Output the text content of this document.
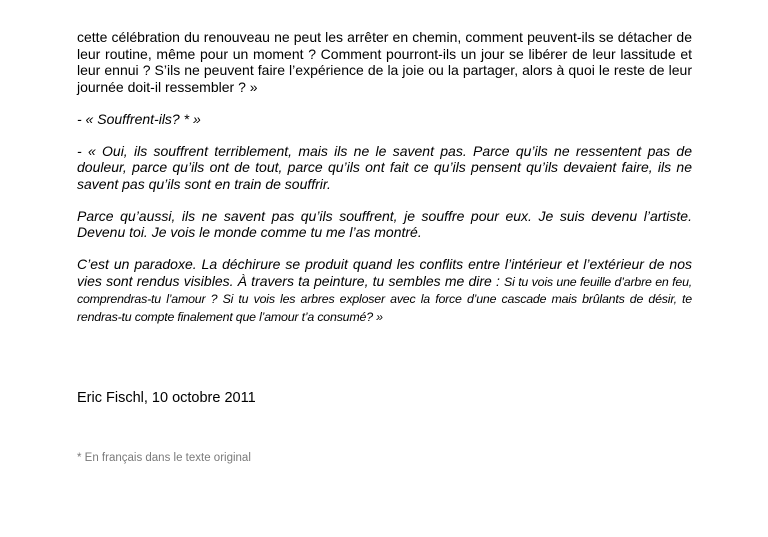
cette célébration du renouveau ne peut les arrêter en chemin, comment peuvent-ils se détacher de leur routine, même pour un moment ? Comment pourront-ils un jour se libérer de leur lassitude et leur ennui ? S’ils ne peuvent faire l’expérience de la joie ou la partager, alors à quoi le reste de leur journée doit-il ressembler ? »

- « Souffrent-ils? * »

- « Oui, ils souffrent terriblement, mais ils ne le savent pas. Parce qu’ils ne ressentent pas de douleur, parce qu’ils ont de tout, parce qu’ils ont fait ce qu’ils pensent qu’ils devaient faire, ils ne savent pas qu’ils sont en train de souffrir.

Parce qu’aussi, ils ne savent pas qu’ils souffrent, je souffre pour eux. Je suis devenu l’artiste. Devenu toi. Je vois le monde comme tu me l’as montré.

C’est un paradoxe. La déchirure se produit quand les conflits entre l’intérieur et l’extérieur de nos vies sont rendus visibles. À travers ta peinture, tu sembles me dire : Si tu vois une feuille d’arbre en feu, comprendras-tu l’amour ? Si tu vois les arbres exploser avec la force d’une cascade mais brûlants de désir, te rendras-tu compte finalement que l’amour t’a consumé? »

Eric Fischl, 10 octobre 2011

* En français dans le texte original
